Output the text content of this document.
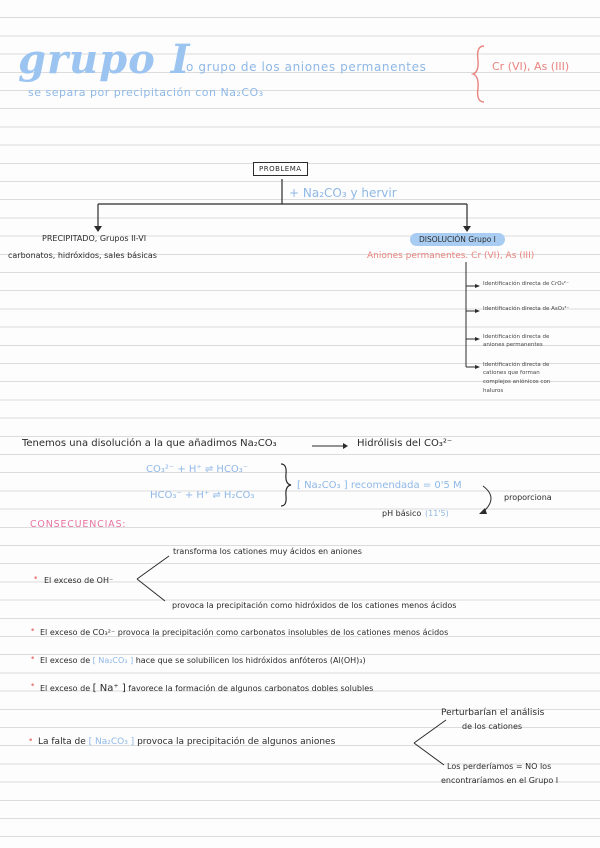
grupo I
o grupo de los aniones permanentes	Cr (VI), As (III)
se separa por precipitación con Na₂CO₃
PROBLEMA
+ Na₂CO₃ y hervir
PRECIPITADO, Grupos II-VI
carbonatos, hidróxidos, sales básicas
DISOLUCIÓN Grupo I
Aniones permanentes. Cr (VI), As (III)
Identificación directa de CrO₄²⁻
Identificación directa de AsO₃³⁻
Identificación directa de
aniones permanentes
Identificación directa de
cationes que forman
complejos aniónicos con haluros
Tenemos una disolución a la que añadimos Na₂CO₃	Hidrólisis del CO₃²⁻
CO₃²⁻ + H⁺ ⇌ HCO₃⁻
HCO₃⁻ + H⁺ ⇌ H₂CO₃
[ Na₂CO₃ ] recomendada = 0'5 M
proporciona
pH básico (11'5)
CONSECUENCIAS:
transforma los cationes muy ácidos en aniones
• El exceso de OH⁻
provoca la precipitación como hidróxidos de los cationes menos ácidos
• El exceso de CO₃²⁻ provoca la precipitación como carbonatos insolubles de los cationes menos ácidos
• El exceso de [ Na₂CO₃ ] hace que se solubilicen los hidróxidos anfóteros (Al(OH)₃)
• El exceso de [ Na⁺ ] favorece la formación de algunos carbonatos dobles solubles
Perturbarían el análisis
de los cationes
• La falta de [ Na₂CO₃ ] provoca la precipitación de algunos aniones
Los perderíamos = NO los
encontraríamos en el Grupo I
